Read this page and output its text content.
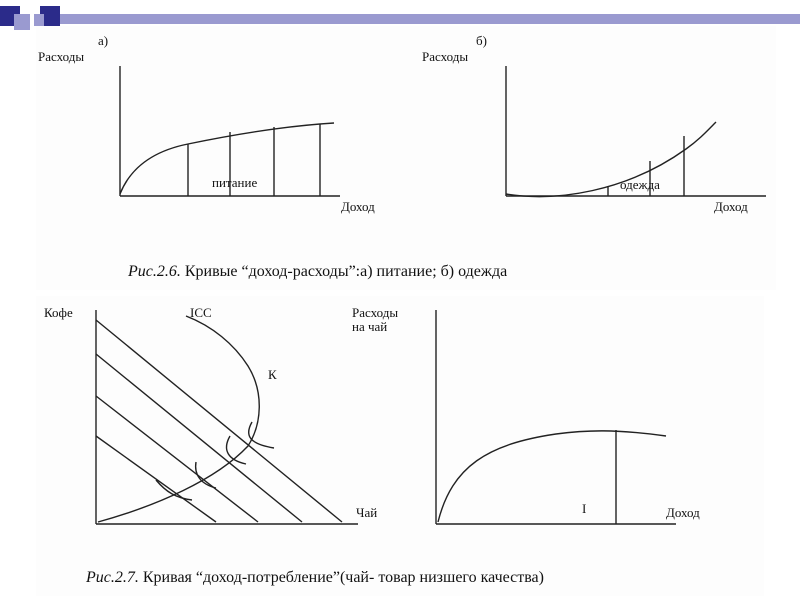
а)
Расходы
Доход
питание
б)
Расходы
Доход
одежда
Рис.2.6. Кривые “доход-расходы”:а) питание; б) одежда
Кофе
Чай
ICC
К
Расходы
на чай
Доход
I
Рис.2.7. Кривая “доход-потребление”(чай- товар низшего качества)
